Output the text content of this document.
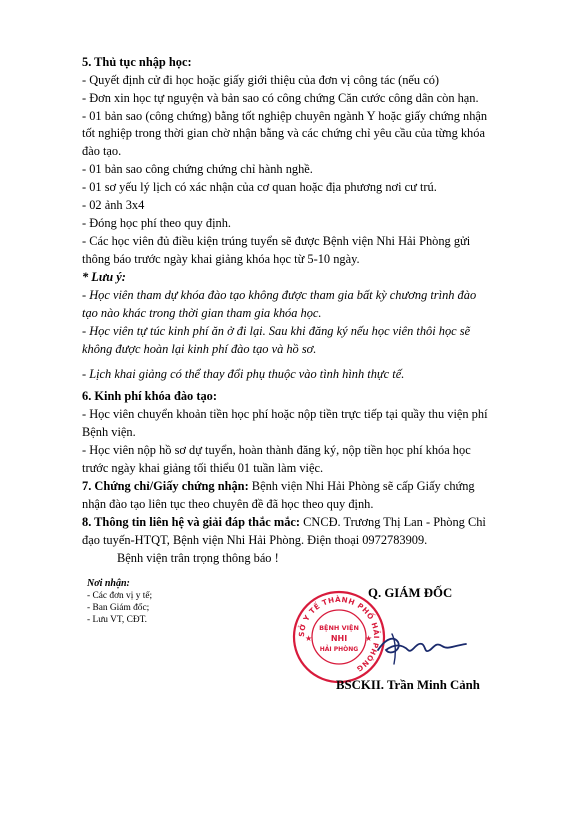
5. Thủ tục nhập học:
- Quyết định cử đi học hoặc giấy giới thiệu của đơn vị công tác (nếu có)
- Đơn xin học tự nguyện và bản sao có công chứng Căn cước công dân còn hạn.
- 01 bản sao (công chứng) bằng tốt nghiệp chuyên ngành Y hoặc giấy chứng nhận
tốt nghiệp trong thời gian chờ nhận bằng và các chứng chỉ yêu cầu của từng khóa
đào tạo.
- 01 bản sao công chứng chứng chỉ hành nghề.
- 01 sơ yếu lý lịch có xác nhận của cơ quan hoặc địa phương nơi cư trú.
- 02 ảnh 3x4
- Đóng học phí theo quy định.
- Các học viên đủ điều kiện trúng tuyển sẽ được Bệnh viện Nhi Hải Phòng gửi
thông báo trước ngày khai giảng khóa học từ 5-10 ngày.
* Lưu ý:
- Học viên tham dự khóa đào tạo không được tham gia bất kỳ chương trình đào
tạo nào khác trong thời gian tham gia khóa học.
- Học viên tự túc kinh phí ăn ở đi lại. Sau khi đăng ký nếu học viên thôi học sẽ
không được hoàn lại kinh phí đào tạo và hồ sơ.
- Lịch khai giảng có thể thay đổi phụ thuộc vào tình hình thực tế.
6. Kinh phí khóa đào tạo:
- Học viên chuyển khoản tiền học phí hoặc nộp tiền trực tiếp tại quầy thu viện phí
Bệnh viện.
- Học viên nộp hồ sơ dự tuyển, hoàn thành đăng ký, nộp tiền học phí khóa học
trước ngày khai giảng tối thiểu 01 tuần làm việc.
7. Chứng chỉ/Giấy chứng nhận: Bệnh viện Nhi Hải Phòng sẽ cấp Giấy chứng
nhận đào tạo liên tục theo chuyên đề đã học theo quy định.
8. Thông tin liên hệ và giải đáp thắc mắc: CNCĐ. Trương Thị Lan - Phòng Chỉ
đạo tuyến-HTQT, Bệnh viện Nhi Hải Phòng. Điện thoại 0972783909.
Bệnh viện trân trọng thông báo !
Nơi nhận:
- Các đơn vị y tế;
- Ban Giám đốc;
- Lưu VT, CĐT.
SỞ Y TẾ THÀNH PHỐ HẢI PHÒNG
BỆNH VIỆN
NHI
HẢI PHÒNG
★	★
Q. GIÁM ĐỐC
BSCKII. Trần Minh Cảnh
